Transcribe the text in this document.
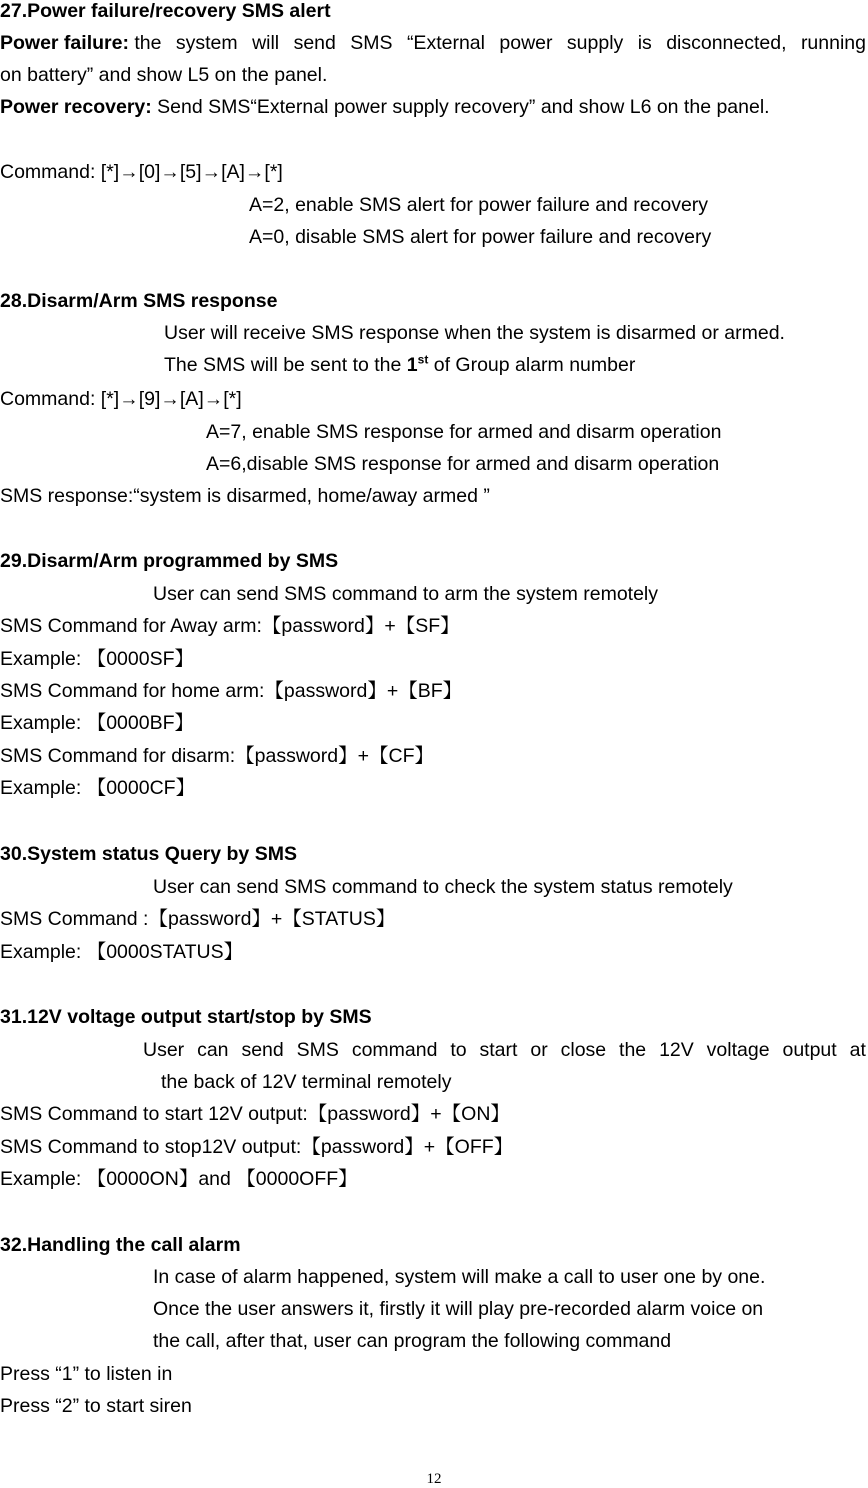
27.Power failure/recovery SMS alert
Power failure: the system will send SMS “External power supply is disconnected, running
on battery” and show L5 on the panel.
Power recovery: Send SMS“External power supply recovery” and show L6 on the panel.
Command: [*]→[0]→[5]→[A]→[*]
A=2, enable SMS alert for power failure and recovery
A=0, disable SMS alert for power failure and recovery
28.Disarm/Arm SMS response
User will receive SMS response when the system is disarmed or armed.
The SMS will be sent to the 1st of Group alarm number
Command: [*]→[9]→[A]→[*]
A=7, enable SMS response for armed and disarm operation
A=6,disable SMS response for armed and disarm operation
SMS response:“system is disarmed, home/away armed ”
29.Disarm/Arm programmed by SMS
User can send SMS command to arm the system remotely
SMS Command for Away arm:【password】+【SF】
Example: 【0000SF】
SMS Command for home arm:【password】+【BF】
Example: 【0000BF】
SMS Command for disarm:【password】+【CF】
Example: 【0000CF】
30.System status Query by SMS
User can send SMS command to check the system status remotely
SMS Command :【password】+【STATUS】
Example: 【0000STATUS】
31.12V voltage output start/stop by SMS
User can send SMS command to start or close the 12V voltage output at
the back of 12V terminal remotely
SMS Command to start 12V output:【password】+【ON】
SMS Command to stop12V output:【password】+【OFF】
Example: 【0000ON】and 【0000OFF】
32.Handling the call alarm
In case of alarm happened, system will make a call to user one by one.
Once the user answers it, firstly it will play pre-recorded alarm voice on
the call, after that, user can program the following command
Press “1” to listen in
Press “2” to start siren
12
